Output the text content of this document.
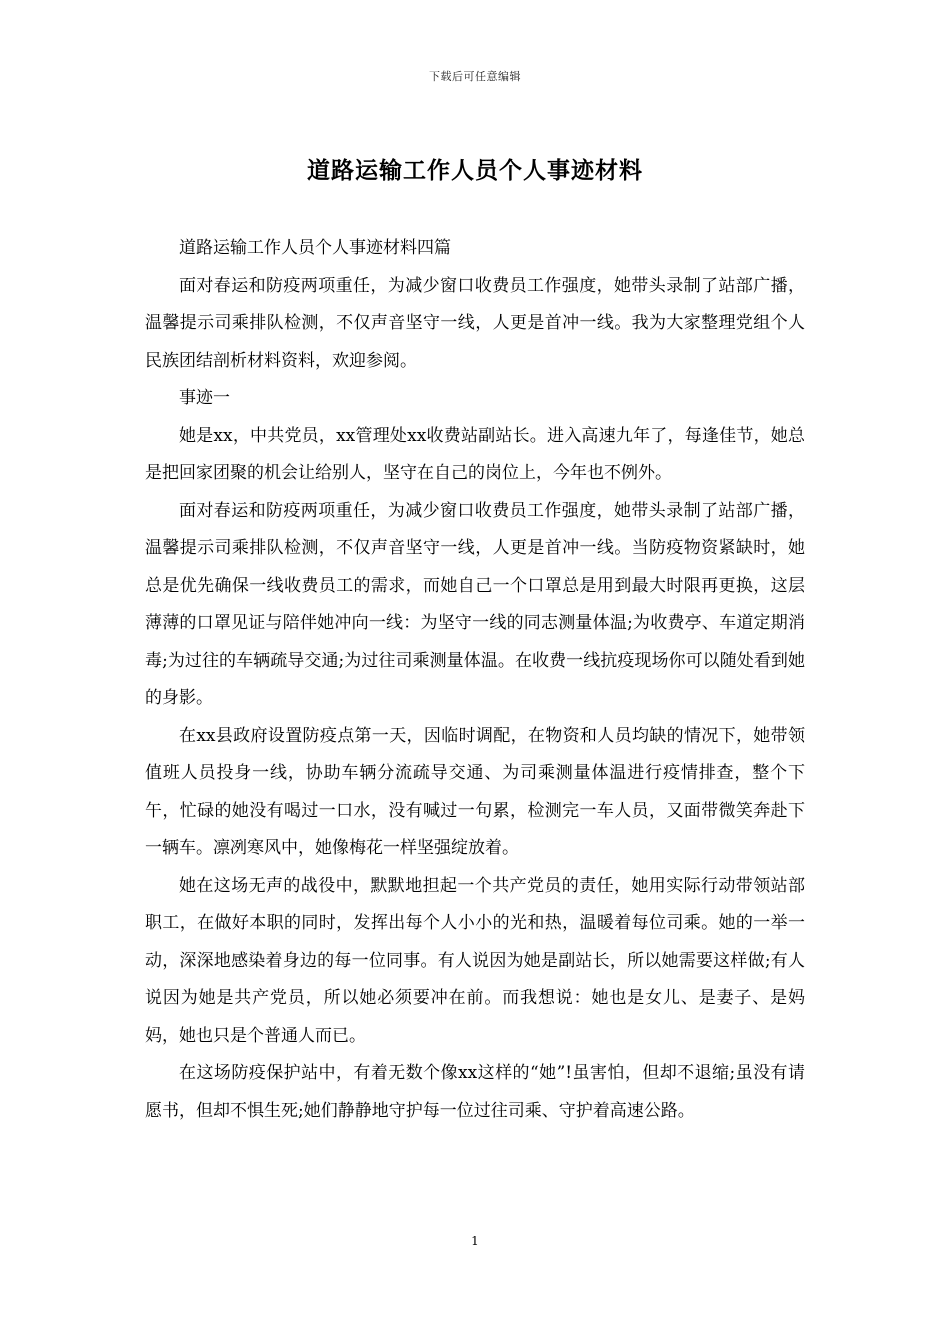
下载后可任意编辑
道路运输工作人员个人事迹材料

道路运输工作人员个人事迹材料四篇

面对春运和防疫两项重任，为减少窗口收费员工作强度，她带头录制了站部广播，温馨提示司乘排队检测，不仅声音坚守一线，人更是首冲一线。我为大家整理党组个人民族团结剖析材料资料，欢迎参阅。

事迹一

她是xx，中共党员，xx管理处xx收费站副站长。进入高速九年了，每逢佳节，她总是把回家团聚的机会让给别人，坚守在自己的岗位上，今年也不例外。

面对春运和防疫两项重任，为减少窗口收费员工作强度，她带头录制了站部广播，温馨提示司乘排队检测，不仅声音坚守一线，人更是首冲一线。当防疫物资紧缺时，她总是优先确保一线收费员工的需求，而她自己一个口罩总是用到最大时限再更换，这层薄薄的口罩见证与陪伴她冲向一线：为坚守一线的同志测量体温;为收费亭、车道定期消毒;为过往的车辆疏导交通;为过往司乘测量体温。在收费一线抗疫现场你可以随处看到她的身影。

在xx县政府设置防疫点第一天，因临时调配，在物资和人员均缺的情况下，她带领值班人员投身一线，协助车辆分流疏导交通、为司乘测量体温进行疫情排查，整个下午，忙碌的她没有喝过一口水，没有喊过一句累，检测完一车人员，又面带微笑奔赴下一辆车。凛冽寒风中，她像梅花一样坚强绽放着。

她在这场无声的战役中，默默地担起一个共产党员的责任，她用实际行动带领站部职工，在做好本职的同时，发挥出每个人小小的光和热，温暖着每位司乘。她的一举一动，深深地感染着身边的每一位同事。有人说因为她是副站长，所以她需要这样做;有人说因为她是共产党员，所以她必须要冲在前。而我想说：她也是女儿、是妻子、是妈妈，她也只是个普通人而已。

在这场防疫保护站中，有着无数个像xx这样的“她”!虽害怕，但却不退缩;虽没有请愿书，但却不惧生死;她们静静地守护每一位过往司乘、守护着高速公路。

1
